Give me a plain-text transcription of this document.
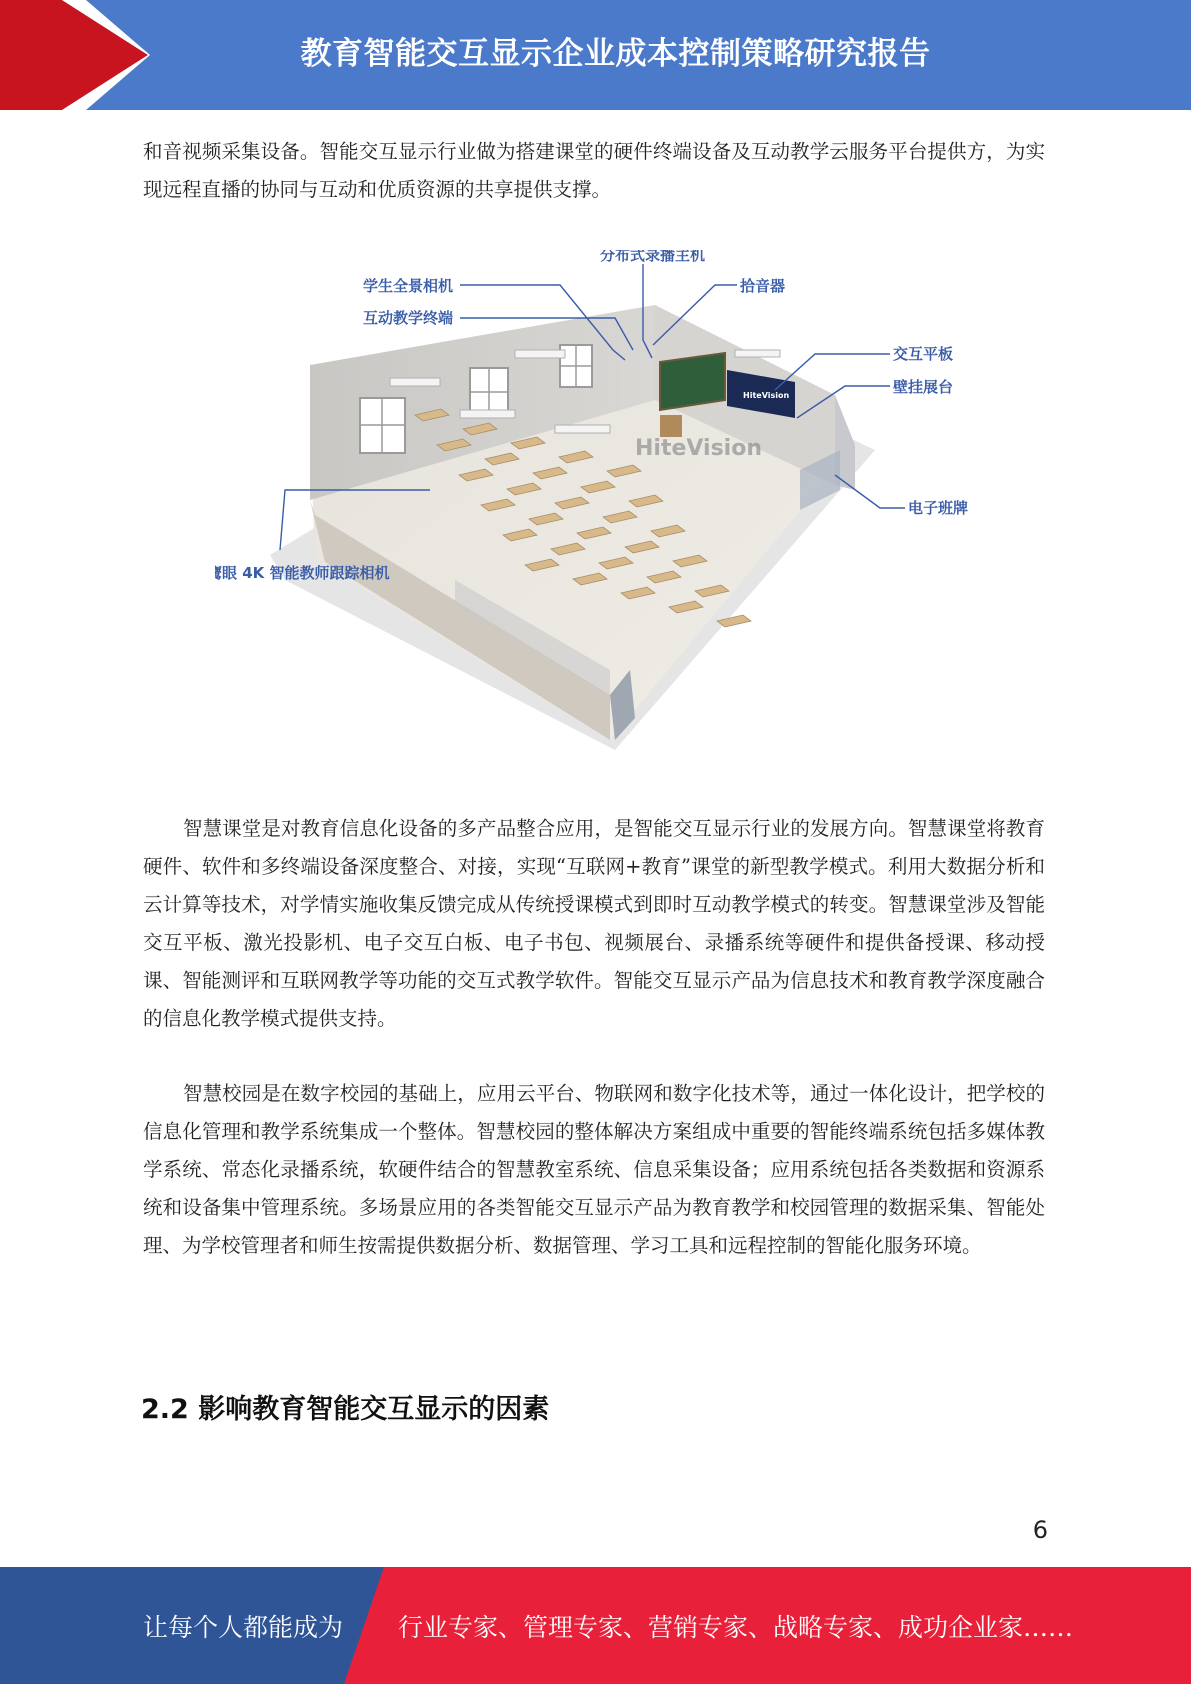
教育智能交互显示企业成本控制策略研究报告
和音视频采集设备。智能交互显示行业做为搭建课堂的硬件终端设备及互动教学云服务平台提供方，为实现远程直播的协同与互动和优质资源的共享提供支撑。
HiteVision
HiteVision
分布式录播主机
学生全景相机	拾音器
互动教学终端
交互平板
壁挂展台
电子班牌
鹰眼 4K 智能教师跟踪相机
智慧课堂是对教育信息化设备的多产品整合应用，是智能交互显示行业的发展方向。智慧课堂将教育硬件、软件和多终端设备深度整合、对接，实现“互联网+教育”课堂的新型教学模式。利用大数据分析和云计算等技术，对学情实施收集反馈完成从传统授课模式到即时互动教学模式的转变。智慧课堂涉及智能交互平板、激光投影机、电子交互白板、电子书包、视频展台、录播系统等硬件和提供备授课、移动授课、智能测评和互联网教学等功能的交互式教学软件。智能交互显示产品为信息技术和教育教学深度融合的信息化教学模式提供支持。
智慧校园是在数字校园的基础上，应用云平台、物联网和数字化技术等，通过一体化设计，把学校的信息化管理和教学系统集成一个整体。智慧校园的整体解决方案组成中重要的智能终端系统包括多媒体教学系统、常态化录播系统，软硬件结合的智慧教室系统、信息采集设备；应用系统包括各类数据和资源系统和设备集中管理系统。多场景应用的各类智能交互显示产品为教育教学和校园管理的数据采集、智能处理、为学校管理者和师生按需提供数据分析、数据管理、学习工具和远程控制的智能化服务环境。
2.2 影响教育智能交互显示的因素
6
让每个人都能成为 行业专家、管理专家、营销专家、战略专家、成功企业家……
